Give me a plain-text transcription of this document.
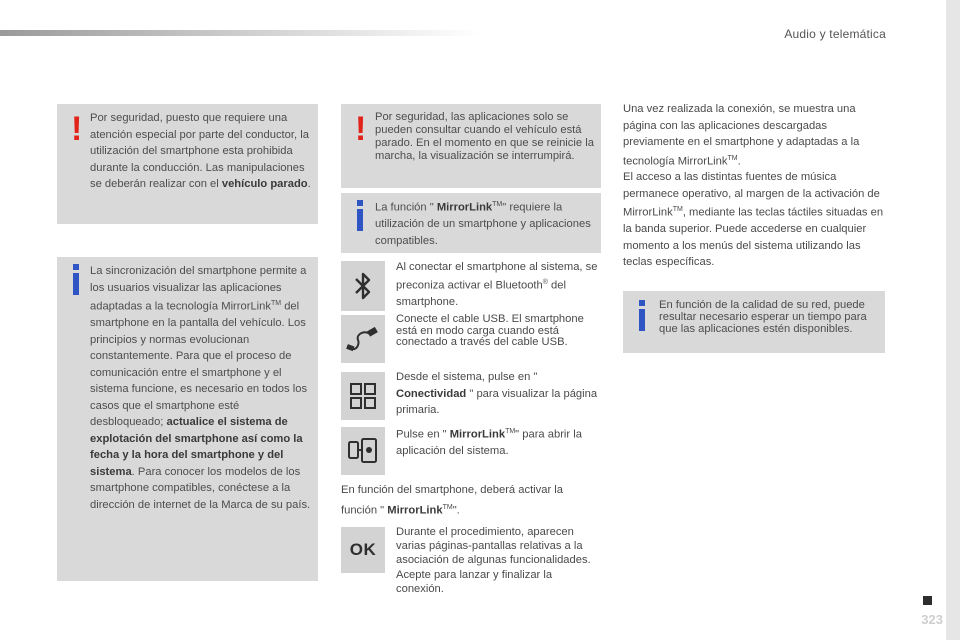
Audio y telemática
! Por seguridad, puesto que requiere una atención especial por parte del conductor, la utilización del smartphone esta prohibida durante la conducción. Las manipulaciones se deberán realizar con el vehículo parado.
La sincronización del smartphone permite a los usuarios visualizar las aplicaciones adaptadas a la tecnología MirrorLink™ del smartphone en la pantalla del vehículo. Los principios y normas evolucionan constantemente. Para que el proceso de comunicación entre el smartphone y el sistema funcione, es necesario en todos los casos que el smartphone esté desbloqueado; actualice el sistema de explotación del smartphone así como la fecha y la hora del smartphone y del sistema. Para conocer los modelos de los smartphone compatibles, conéctese a la dirección de internet de la Marca de su país.
! Por seguridad, las aplicaciones solo se pueden consultar cuando el vehículo está parado. En el momento en que se reinicie la marcha, la visualización se interrumpirá.
La función " MirrorLink™" requiere la utilización de un smartphone y aplicaciones compatibles.
Al conectar el smartphone al sistema, se preconiza activar el Bluetooth® del smartphone.
Conecte el cable USB. El smartphone está en modo carga cuando está conectado a través del cable USB.
Desde el sistema, pulse en " Conectividad " para visualizar la página primaria.
Pulse en " MirrorLink™" para abrir la aplicación del sistema.
En función del smartphone, deberá activar la función " MirrorLink™".
OK
Durante el procedimiento, aparecen varias páginas-pantallas relativas a la asociación de algunas funcionalidades. Acepte para lanzar y finalizar la conexión.
Una vez realizada la conexión, se muestra una página con las aplicaciones descargadas previamente en el smartphone y adaptadas a la tecnología MirrorLink™.
El acceso a las distintas fuentes de música permanece operativo, al margen de la activación de MirrorLink™, mediante las teclas táctiles situadas en la banda superior. Puede accederse en cualquier momento a los menús del sistema utilizando las teclas específicas.
En función de la calidad de su red, puede resultar necesario esperar un tiempo para que las aplicaciones estén disponibles.
323
